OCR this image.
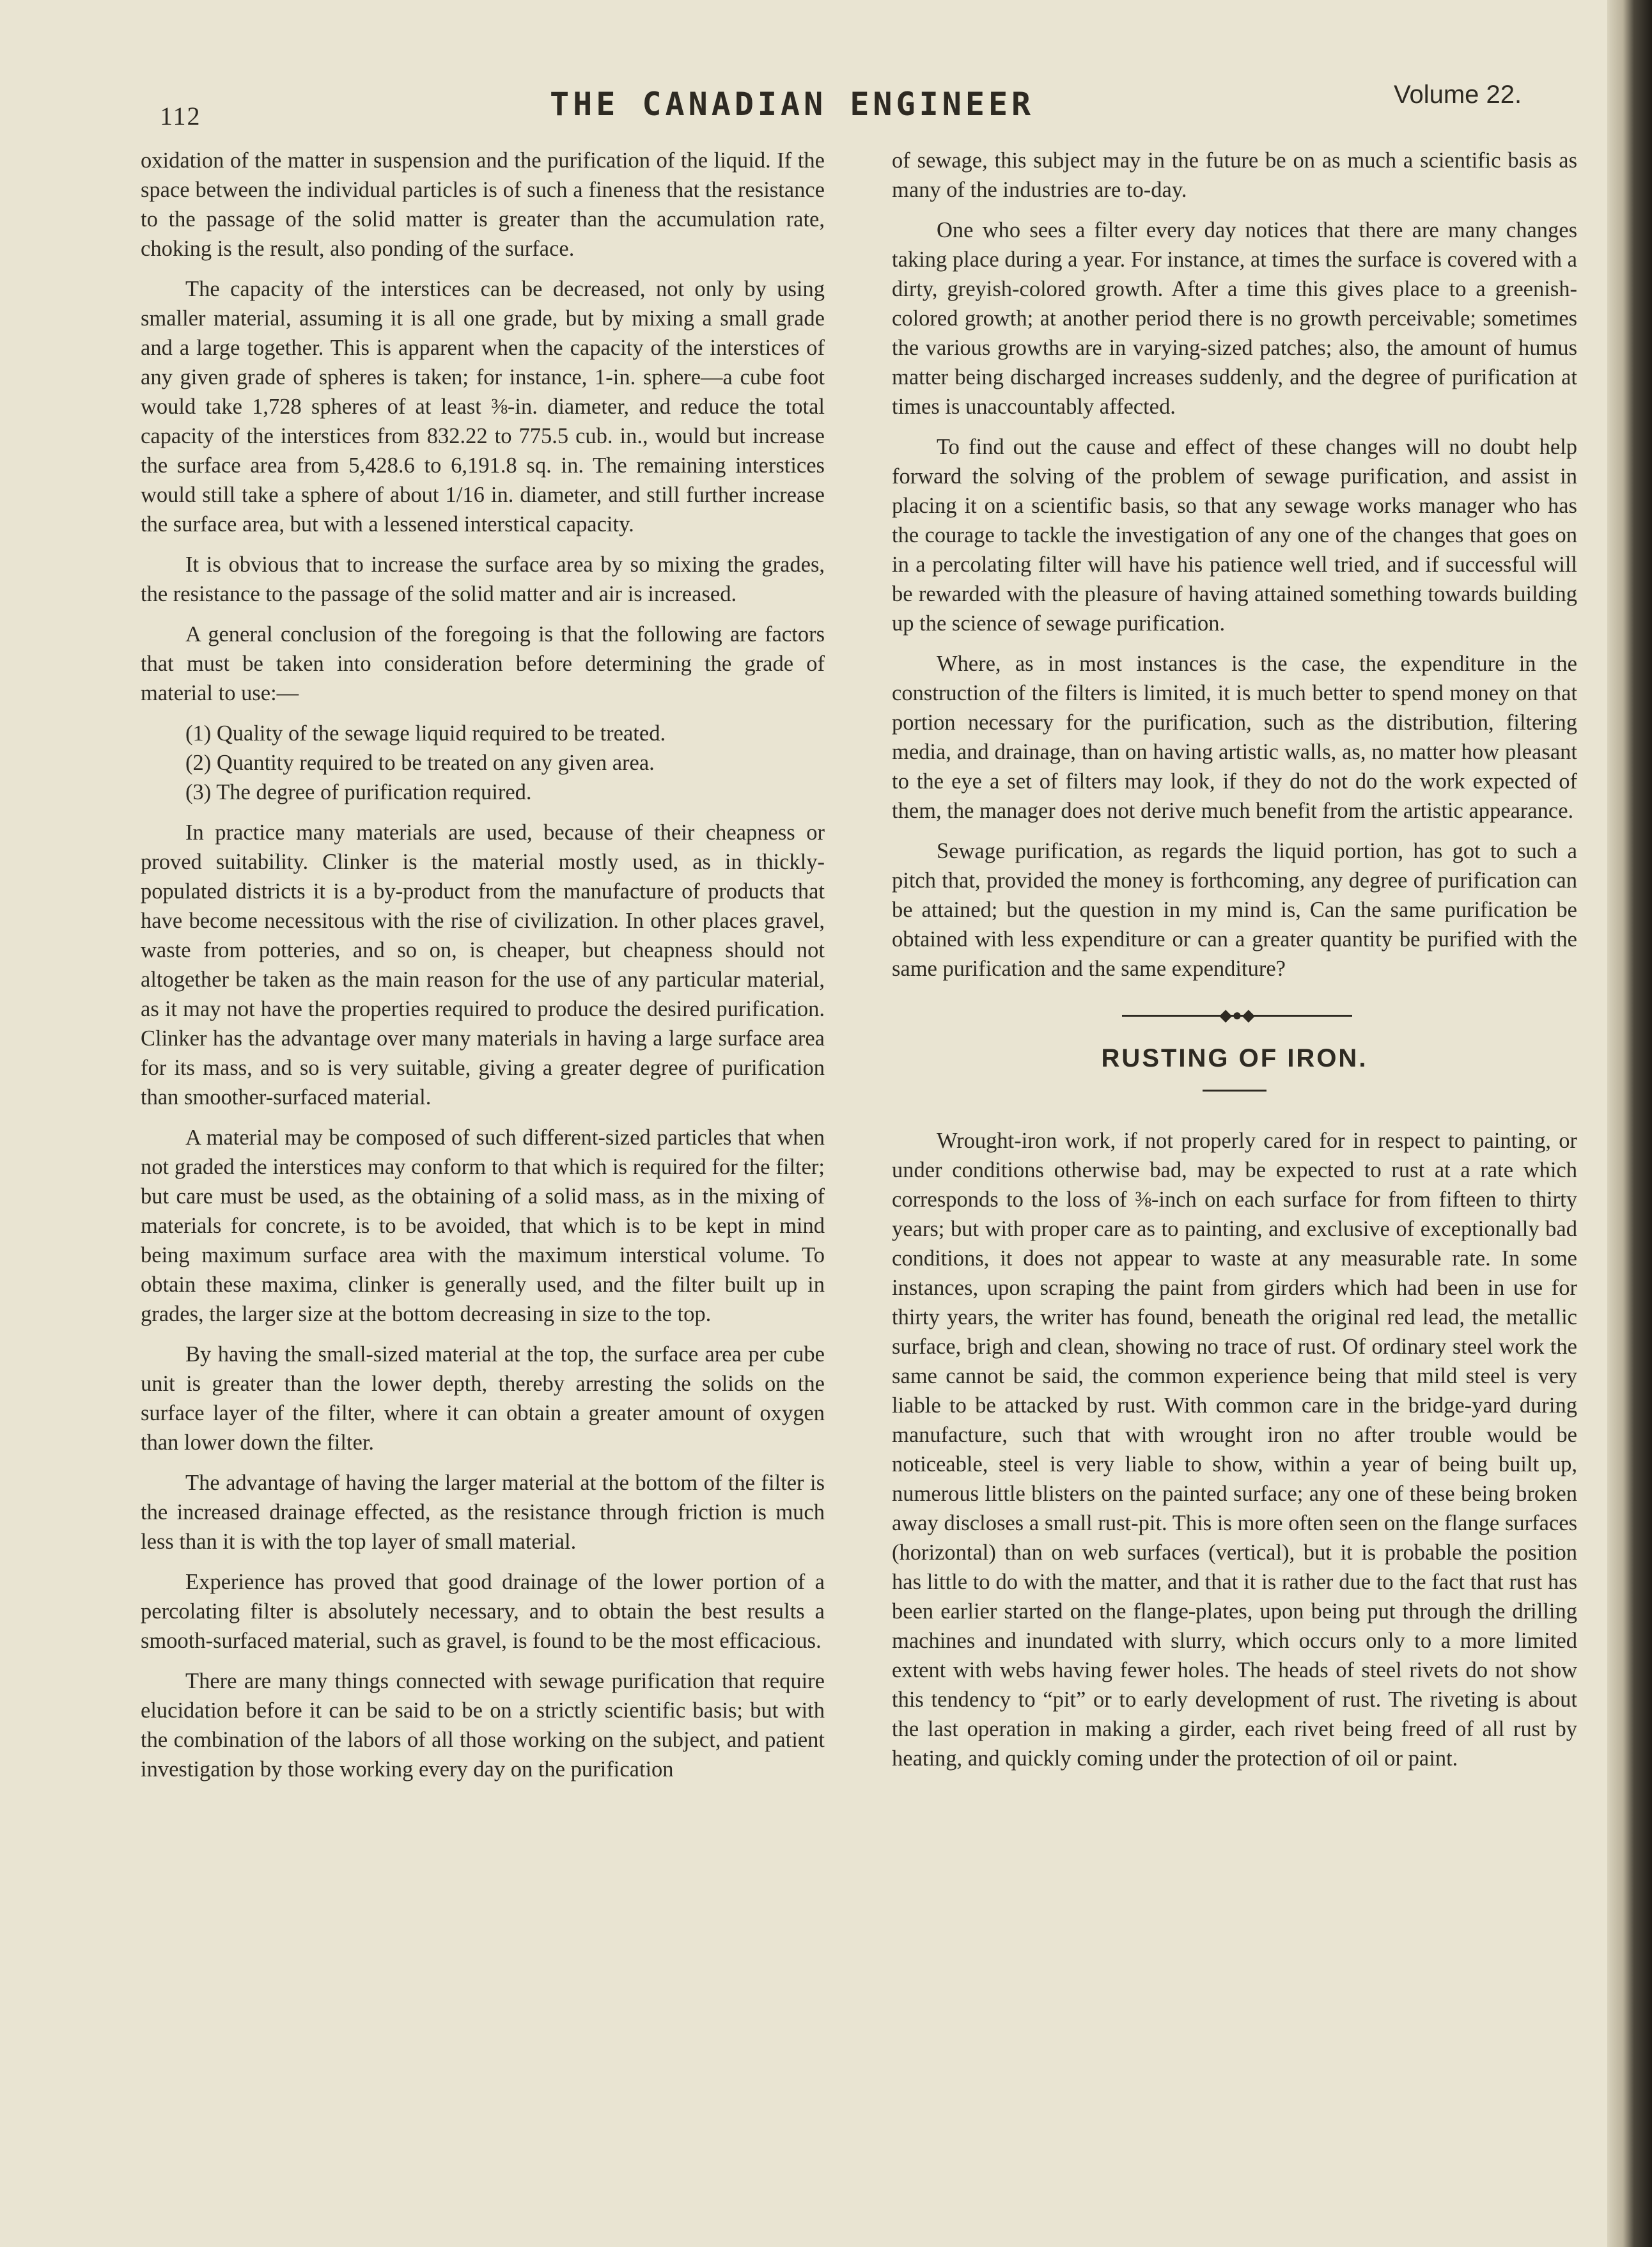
112	THE CANADIAN ENGINEER	Volume 22.

oxidation of the matter in suspension and the purification of the liquid. If the space between the individual particles is of such a fineness that the resistance to the passage of the solid matter is greater than the accumulation rate, choking is the result, also ponding of the surface.

The capacity of the interstices can be decreased, not only by using smaller material, assuming it is all one grade, but by mixing a small grade and a large together. This is apparent when the capacity of the interstices of any given grade of spheres is taken; for instance, 1-in. sphere—a cube foot would take 1,728 spheres of at least ⅜-in. diameter, and reduce the total capacity of the interstices from 832.22 to 775.5 cub. in., would but increase the surface area from 5,428.6 to 6,191.8 sq. in. The remaining interstices would still take a sphere of about 1/16 in. diameter, and still further increase the surface area, but with a lessened interstical capacity.

It is obvious that to increase the surface area by so mixing the grades, the resistance to the passage of the solid matter and air is increased.

A general conclusion of the foregoing is that the following are factors that must be taken into consideration before determining the grade of material to use:—

(1) Quality of the sewage liquid required to be treated.

(2) Quantity required to be treated on any given area.

(3) The degree of purification required.

In practice many materials are used, because of their cheapness or proved suitability. Clinker is the material mostly used, as in thickly-populated districts it is a by-product from the manufacture of products that have become necessitous with the rise of civilization. In other places gravel, waste from potteries, and so on, is cheaper, but cheapness should not altogether be taken as the main reason for the use of any particular material, as it may not have the properties required to produce the desired purification. Clinker has the advantage over many materials in having a large surface area for its mass, and so is very suitable, giving a greater degree of purification than smoother-surfaced material.

A material may be composed of such different-sized particles that when not graded the interstices may conform to that which is required for the filter; but care must be used, as the obtaining of a solid mass, as in the mixing of materials for concrete, is to be avoided, that which is to be kept in mind being maximum surface area with the maximum interstical volume. To obtain these maxima, clinker is generally used, and the filter built up in grades, the larger size at the bottom decreasing in size to the top.

By having the small-sized material at the top, the surface area per cube unit is greater than the lower depth, thereby arresting the solids on the surface layer of the filter, where it can obtain a greater amount of oxygen than lower down the filter.

The advantage of having the larger material at the bottom of the filter is the increased drainage effected, as the resistance through friction is much less than it is with the top layer of small material.

Experience has proved that good drainage of the lower portion of a percolating filter is absolutely necessary, and to obtain the best results a smooth-surfaced material, such as gravel, is found to be the most efficacious.

There are many things connected with sewage purification that require elucidation before it can be said to be on a strictly scientific basis; but with the combination of the labors of all those working on the subject, and patient investigation by those working every day on the purification

of sewage, this subject may in the future be on as much a scientific basis as many of the industries are to-day.

One who sees a filter every day notices that there are many changes taking place during a year. For instance, at times the surface is covered with a dirty, greyish-colored growth. After a time this gives place to a greenish-colored growth; at another period there is no growth perceivable; sometimes the various growths are in varying-sized patches; also, the amount of humus matter being discharged increases suddenly, and the degree of purification at times is unaccountably affected.

To find out the cause and effect of these changes will no doubt help forward the solving of the problem of sewage purification, and assist in placing it on a scientific basis, so that any sewage works manager who has the courage to tackle the investigation of any one of the changes that goes on in a percolating filter will have his patience well tried, and if successful will be rewarded with the pleasure of having attained something towards building up the science of sewage purification.

Where, as in most instances is the case, the expenditure in the construction of the filters is limited, it is much better to spend money on that portion necessary for the purification, such as the distribution, filtering media, and drainage, than on having artistic walls, as, no matter how pleasant to the eye a set of filters may look, if they do not do the work expected of them, the manager does not derive much benefit from the artistic appearance.

Sewage purification, as regards the liquid portion, has got to such a pitch that, provided the money is forthcoming, any degree of purification can be attained; but the question in my mind is, Can the same purification be obtained with less expenditure or can a greater quantity be purified with the same purification and the same expenditure?

◆●◆
RUSTING OF IRON.

Wrought-iron work, if not properly cared for in respect to painting, or under conditions otherwise bad, may be expected to rust at a rate which corresponds to the loss of ⅜-inch on each surface for from fifteen to thirty years; but with proper care as to painting, and exclusive of exceptionally bad conditions, it does not appear to waste at any measurable rate. In some instances, upon scraping the paint from girders which had been in use for thirty years, the writer has found, beneath the original red lead, the metallic surface, brigh and clean, showing no trace of rust. Of ordinary steel work the same cannot be said, the common experience being that mild steel is very liable to be attacked by rust. With common care in the bridge-yard during manufacture, such that with wrought iron no after trouble would be noticeable, steel is very liable to show, within a year of being built up, numerous little blisters on the painted surface; any one of these being broken away discloses a small rust-pit. This is more often seen on the flange surfaces (horizontal) than on web surfaces (vertical), but it is probable the position has little to do with the matter, and that it is rather due to the fact that rust has been earlier started on the flange-plates, upon being put through the drilling machines and inundated with slurry, which occurs only to a more limited extent with webs having fewer holes. The heads of steel rivets do not show this tendency to “pit” or to early development of rust. The riveting is about the last operation in making a girder, each rivet being freed of all rust by heating, and quickly coming under the protection of oil or paint.
